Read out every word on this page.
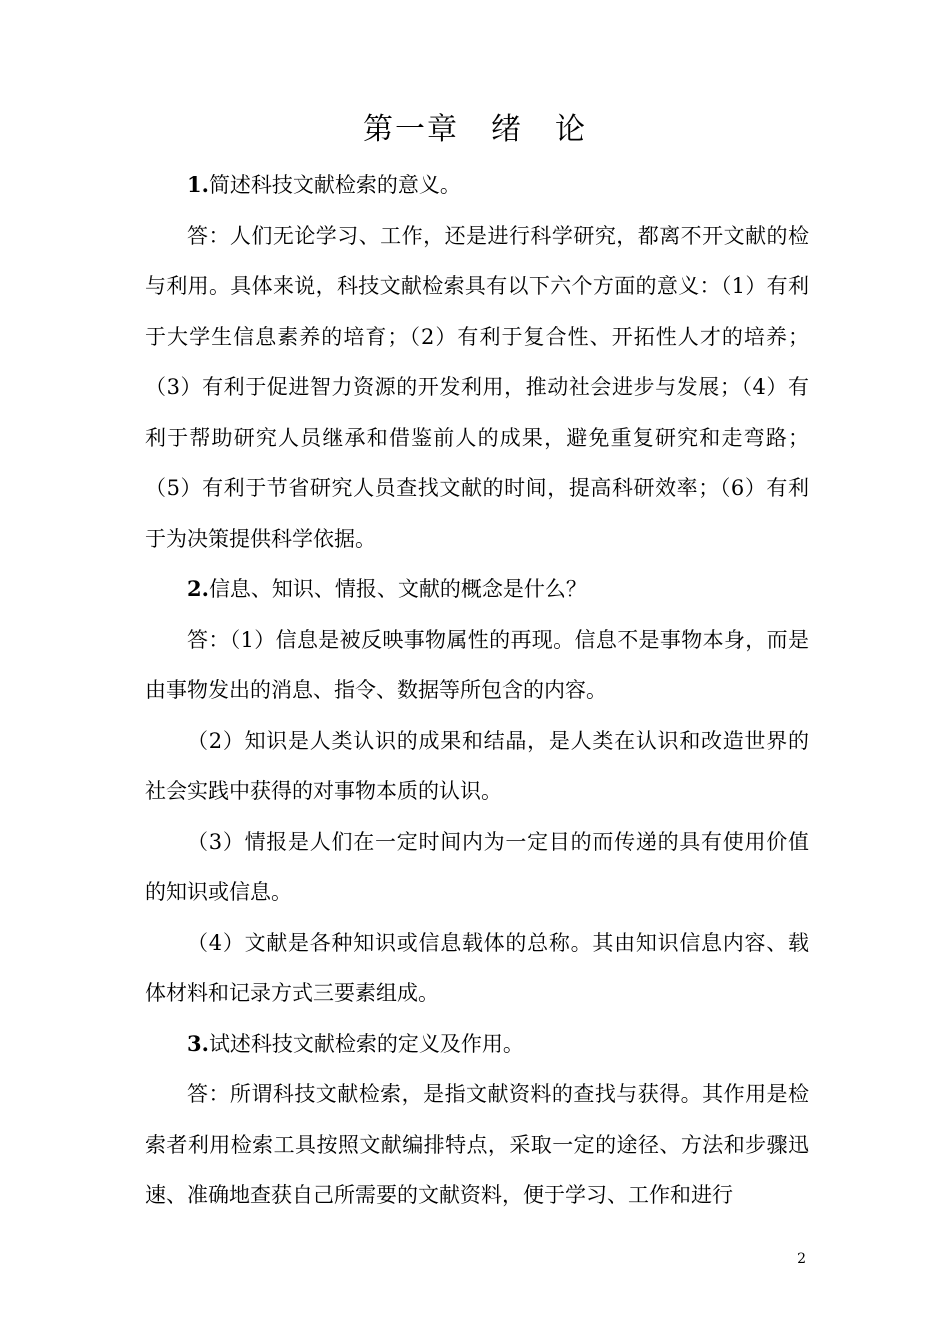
第一章　绪　论

1.简述科技文献检索的意义。

答：人们无论学习、工作，还是进行科学研究，都离不开文献的检与利用。具体来说，科技文献检索具有以下六个方面的意义：（1）有利于大学生信息素养的培育；（2）有利于复合性、开拓性人才的培养；（3）有利于促进智力资源的开发利用，推动社会进步与发展；（4）有利于帮助研究人员继承和借鉴前人的成果，避免重复研究和走弯路；（5）有利于节省研究人员查找文献的时间，提高科研效率；（6）有利于为决策提供科学依据。

2.信息、知识、情报、文献的概念是什么？

答：（1）信息是被反映事物属性的再现。信息不是事物本身，而是由事物发出的消息、指令、数据等所包含的内容。

（2）知识是人类认识的成果和结晶，是人类在认识和改造世界的社会实践中获得的对事物本质的认识。

（3）情报是人们在一定时间内为一定目的而传递的具有使用价值的知识或信息。

（4）文献是各种知识或信息载体的总称。其由知识信息内容、载体材料和记录方式三要素组成。

3.试述科技文献检索的定义及作用。

答：所谓科技文献检索，是指文献资料的查找与获得。其作用是检索者利用检索工具按照文献编排特点，采取一定的途径、方法和步骤迅速、准确地查获自己所需要的文献资料，便于学习、工作和进行

2
